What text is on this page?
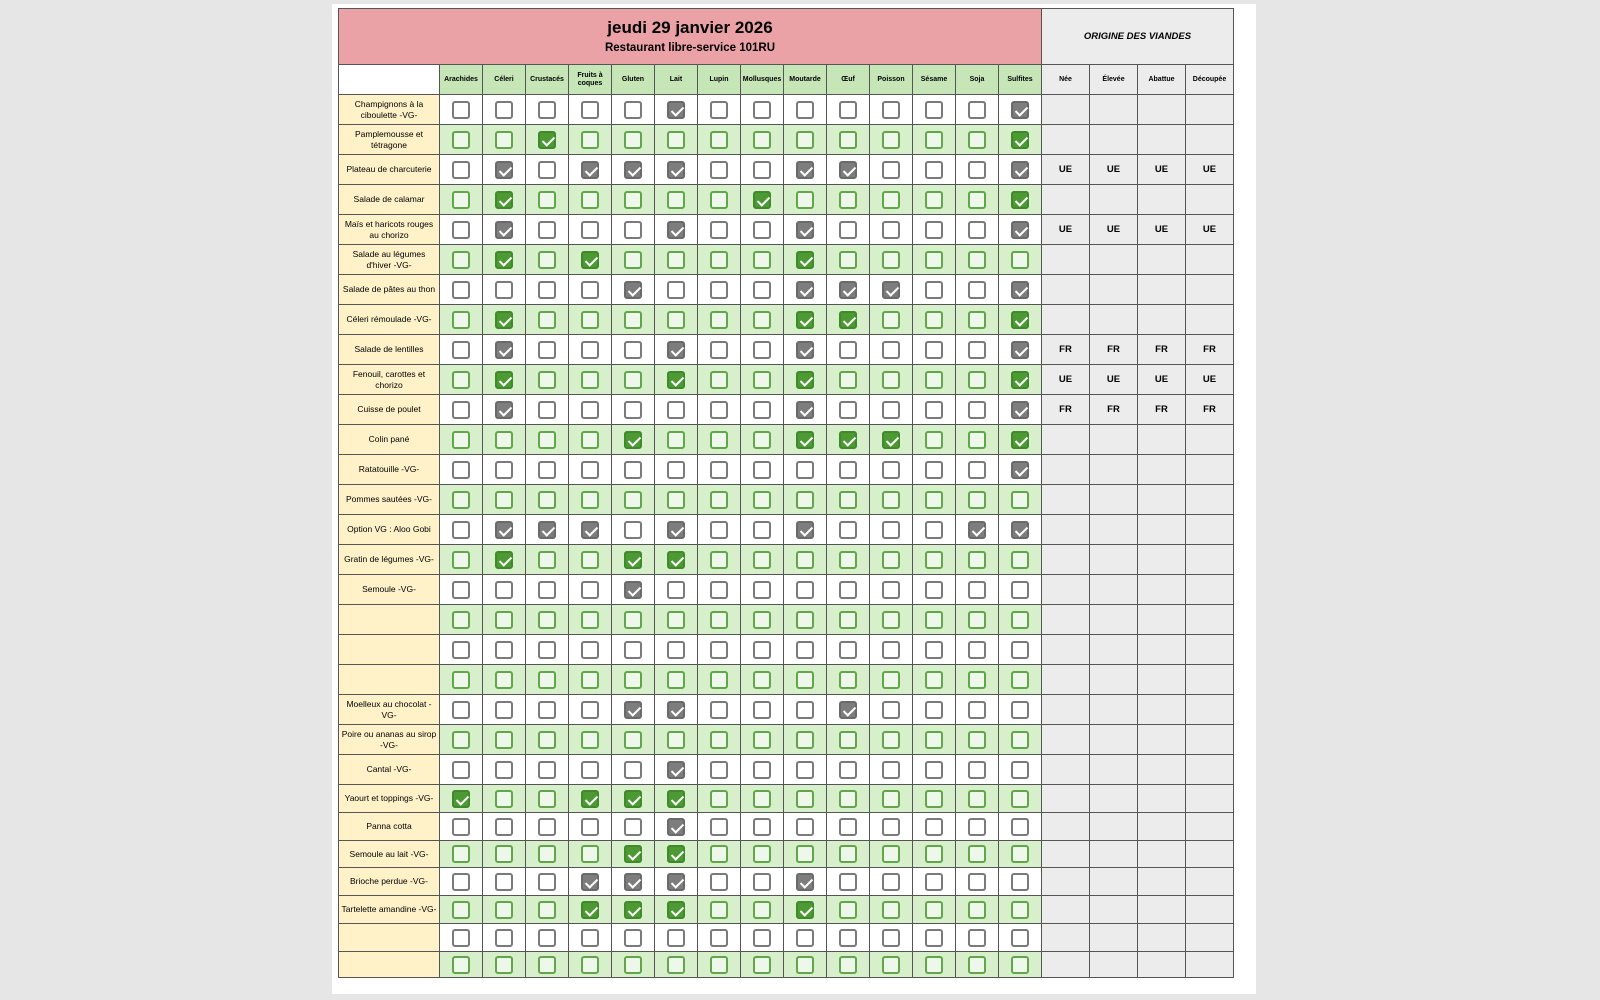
jeudi 29 janvier 2026
Restaurant libre-service 101RU															ORIGINE DES VIANDES			
	Arachides	Céleri	Crustacés	Fruits à coques	Gluten	Lait	Lupin	Mollusques	Moutarde	Œuf	Poisson	Sésame	Soja	Sulfites	Née	Élevée	Abattue	Découpée
Champignons à la ciboulette -VG-	

Pamplemousse et tétragone	

Plateau de charcuterie															UE	UE	UE	UE
Salade de calamar	

Maïs et haricots rouges au chorizo															UE	UE	UE	UE
Salade au légumes d'hiver -VG-	

Salade de pâtes au thon	

Céleri rémoulade -VG-	

Salade de lentilles															FR	FR	FR	FR
Fenouil, carottes et chorizo															UE	UE	UE	UE
Cuisse de poulet															FR	FR	FR	FR
Colin pané	

Ratatouille -VG-	

Pommes sautées -VG-	

Option VG : Aloo Gobi	

Gratin de légumes -VG-	

Semoule -VG-	

Moelleux au chocolat -VG-	

Poire ou ananas au sirop -VG-	

Cantal -VG-	

Yaourt et toppings -VG-	

Panna cotta	

Semoule au lait -VG-	

Brioche perdue -VG-	

Tartelette amandine -VG-	
